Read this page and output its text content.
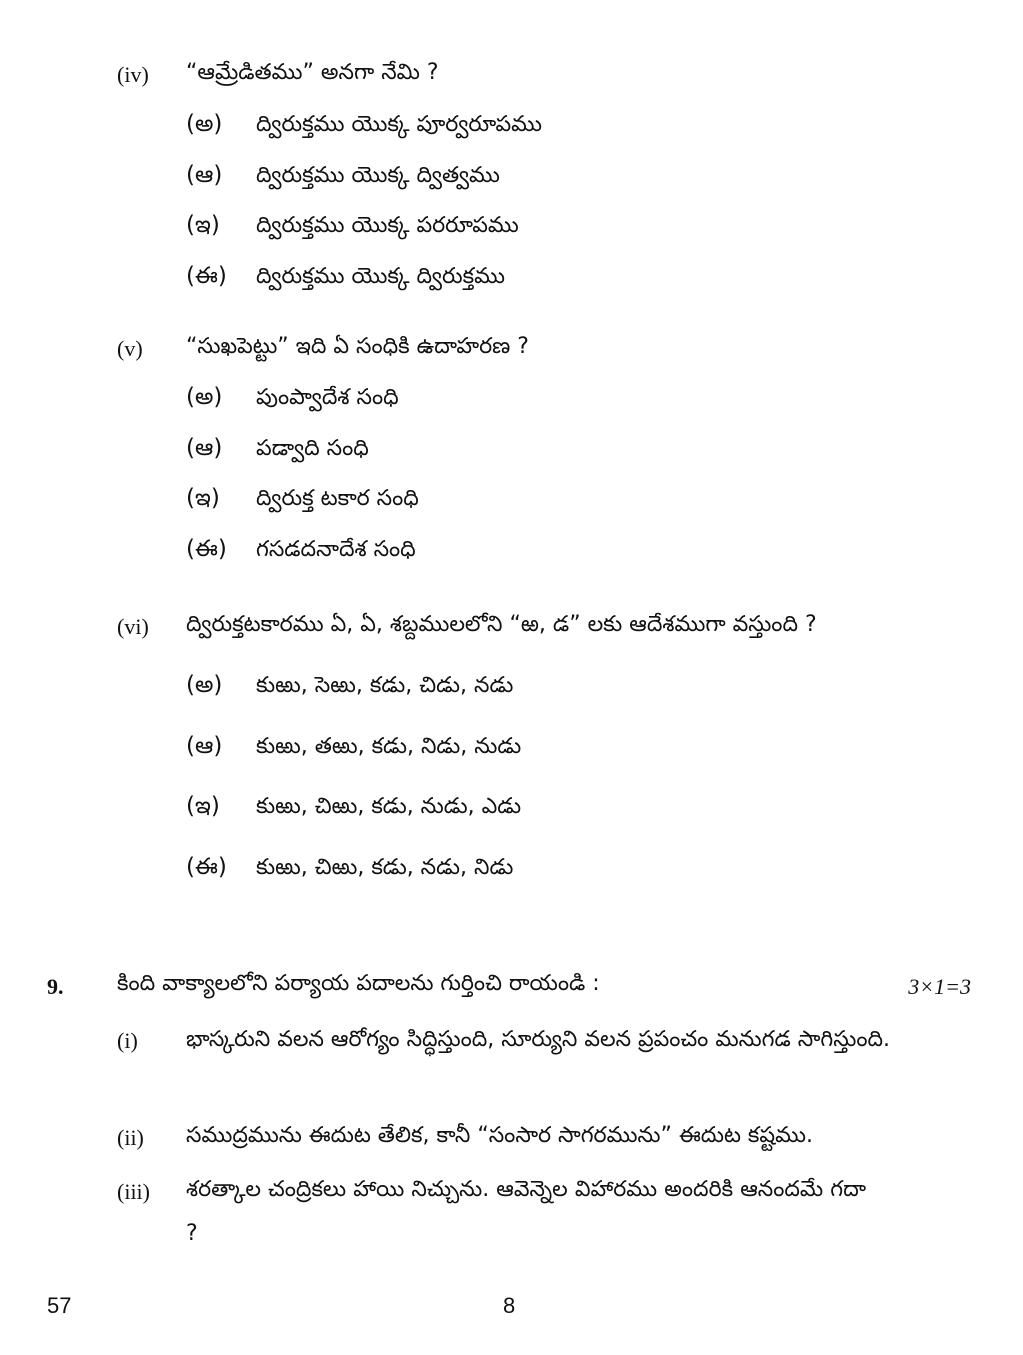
(iv) “ఆమ్రేడితము” అనగా నేమి ?
(అ) ద్విరుక్తము యొక్క పూర్వరూపము
(ఆ) ద్విరుక్తము యొక్క ద్విత్వము
(ఇ) ద్విరుక్తము యొక్క పరరూపము
(ఈ) ద్విరుక్తము యొక్క ద్విరుక్తము
(v) “సుఖపెట్టు” ఇది ఏ సంధికి ఉదాహరణ ?
(అ) పుంప్వాదేశ సంధి
(ఆ) పడ్వాది సంధి
(ఇ) ద్విరుక్త టకార సంధి
(ఈ) గసడదనాదేశ సంధి
(vi) ద్విరుక్తటకారము ఏ, ఏ, శబ్దములలోని “ఱ, డ” లకు ఆదేశముగా వస్తుంది ?
(అ) కుఱు, సెఱు, కడు, చిడు, నడు
(ఆ) కుఱు, తఱు, కడు, నిడు, నుడు
(ఇ) కుఱు, చిఱు, కడు, నుడు, ఎడు
(ఈ) కుఱు, చిఱు, కడు, నడు, నిడు
9. కింది వాక్యాలలోని పర్యాయ పదాలను గుర్తించి రాయండి :	3×1=3
(i) భాస్కరుని వలన ఆరోగ్యం సిద్ధిస్తుంది, సూర్యుని వలన ప్రపంచం మనుగడ సాగిస్తుంది.
(ii) సముద్రమును ఈదుట తేలిక, కానీ “సంసార సాగరమును” ఈదుట కష్టము.
(iii) శరత్కాల చంద్రికలు హాయి నిచ్చును. ఆవెన్నెల విహారము అందరికి ఆనందమే గదా ?
57	8
